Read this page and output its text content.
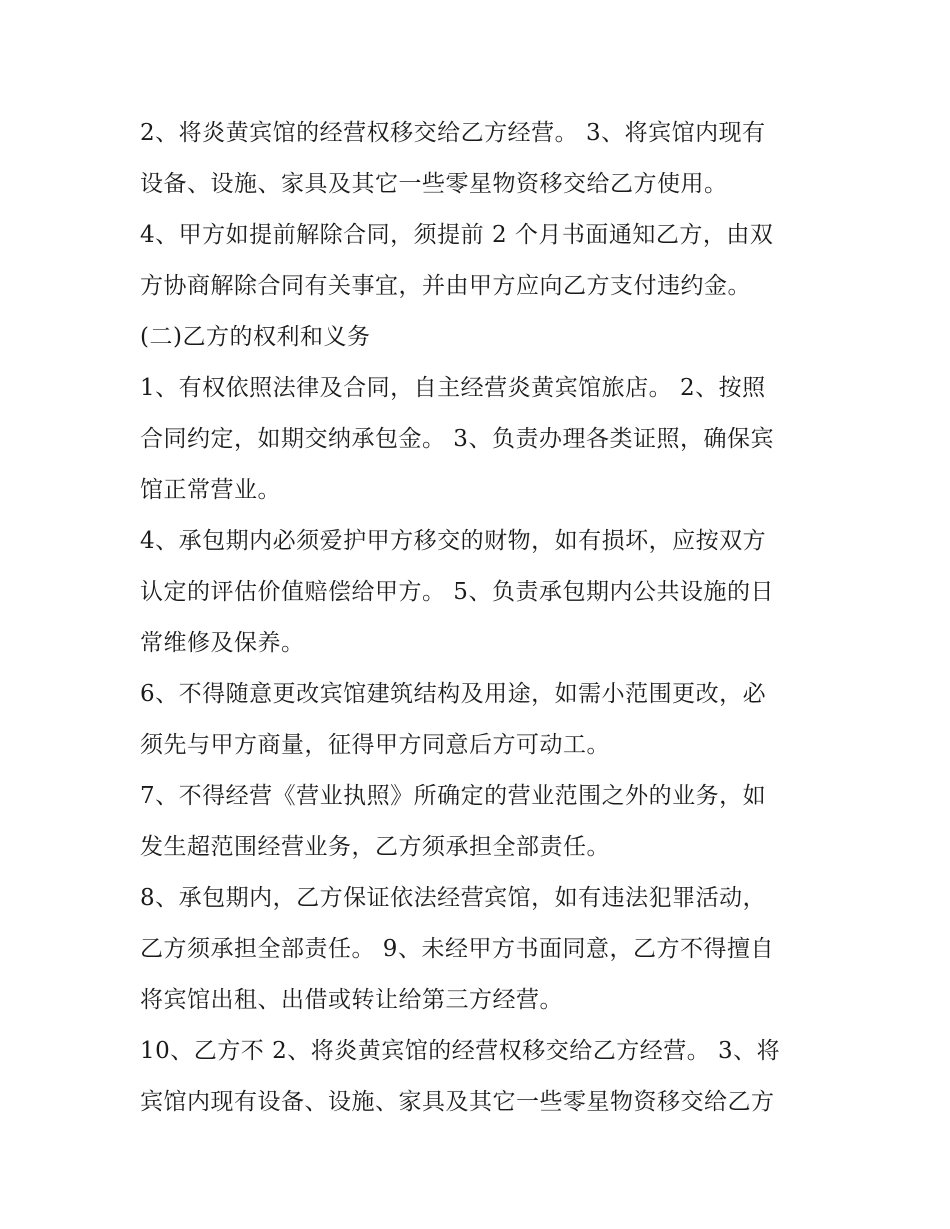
2、将炎黄宾馆的经营权移交给乙方经营。 3、将宾馆内现有
设备、设施、家具及其它一些零星物资移交给乙方使用。
4、甲方如提前解除合同，须提前 2 个月书面通知乙方，由双
方协商解除合同有关事宜，并由甲方应向乙方支付违约金。
(二)乙方的权利和义务
1、有权依照法律及合同，自主经营炎黄宾馆旅店。 2、按照
合同约定，如期交纳承包金。 3、负责办理各类证照，确保宾
馆正常营业。
4、承包期内必须爱护甲方移交的财物，如有损坏，应按双方
认定的评估价值赔偿给甲方。 5、负责承包期内公共设施的日
常维修及保养。
6、不得随意更改宾馆建筑结构及用途，如需小范围更改，必
须先与甲方商量，征得甲方同意后方可动工。
7、不得经营《营业执照》所确定的营业范围之外的业务，如
发生超范围经营业务，乙方须承担全部责任。
8、承包期内，乙方保证依法经营宾馆，如有违法犯罪活动，
乙方须承担全部责任。 9、未经甲方书面同意，乙方不得擅自
将宾馆出租、出借或转让给第三方经营。
10、乙方不 2、将炎黄宾馆的经营权移交给乙方经营。 3、将
宾馆内现有设备、设施、家具及其它一些零星物资移交给乙方
